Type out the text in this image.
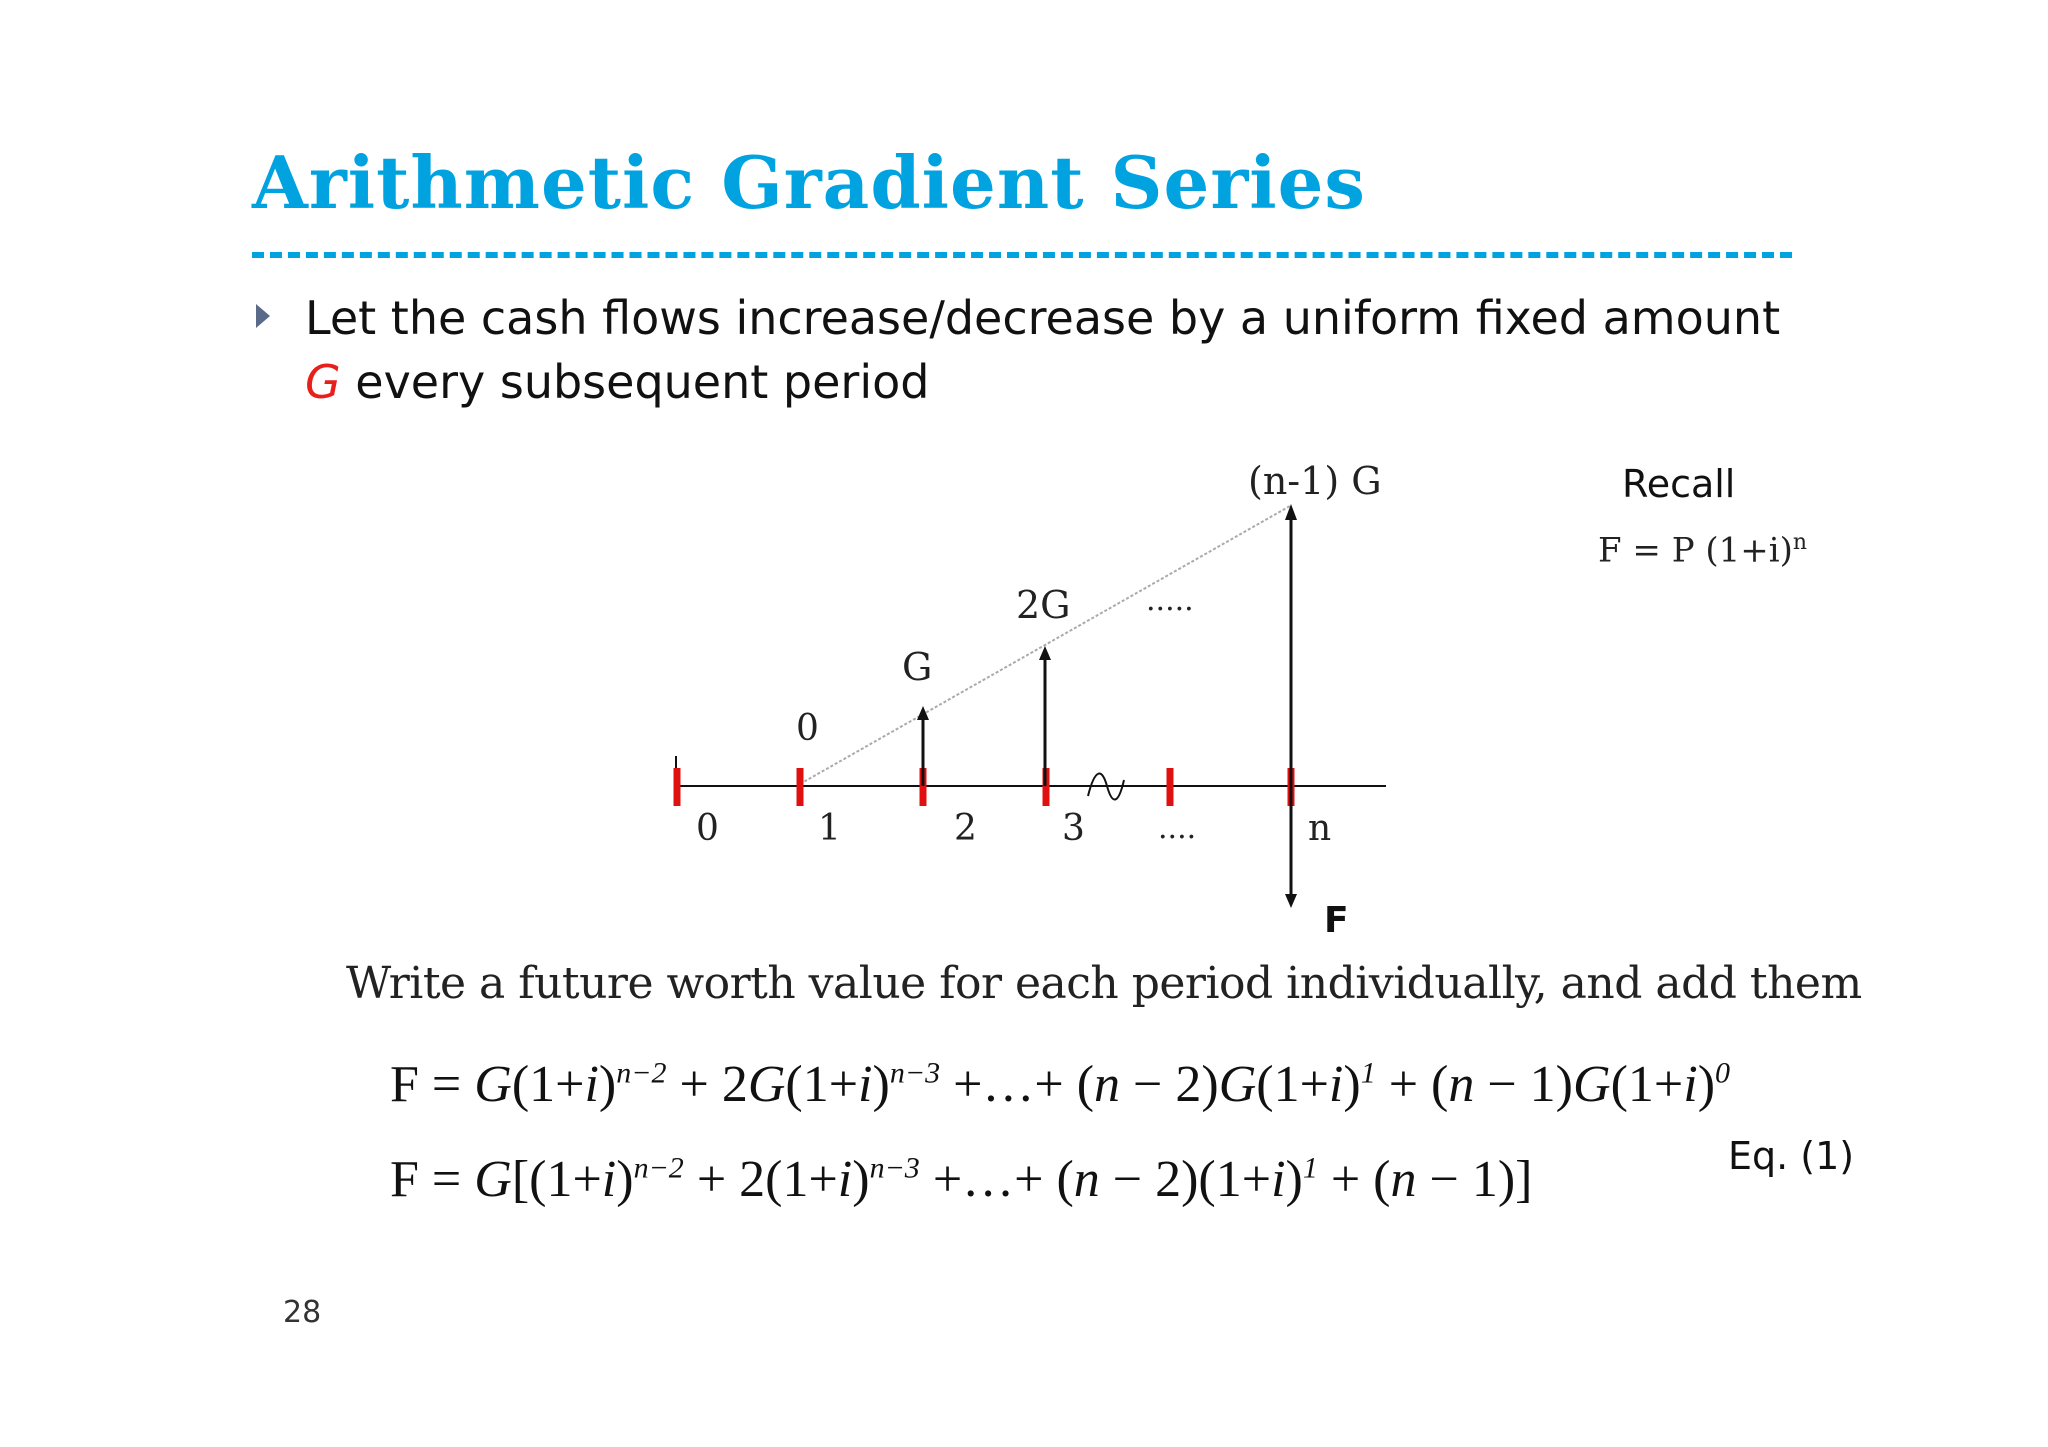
Arithmetic Gradient Series
Let the cash flows increase/decrease by a uniform fixed amount G every subsequent period
0
G
2G	.....
(n-1) G
0	1	2 3 ....	n
F
Recall
F = P $(1+i)^n$
Write a future worth value for each period individually, and add them
$F = G(1+i)^{n-2} + 2G(1+i)^{n-3}$ +…+ $(n - 2)G(1+i)^1 + (n - 1)G(1+i)^0$
$F = G[(1+i)^{n-2} + 2(1+i)^{n-3}$ +…+ $(n - 2)(1+i)^1 + (n - 1)$]	Eq. (1)
28
